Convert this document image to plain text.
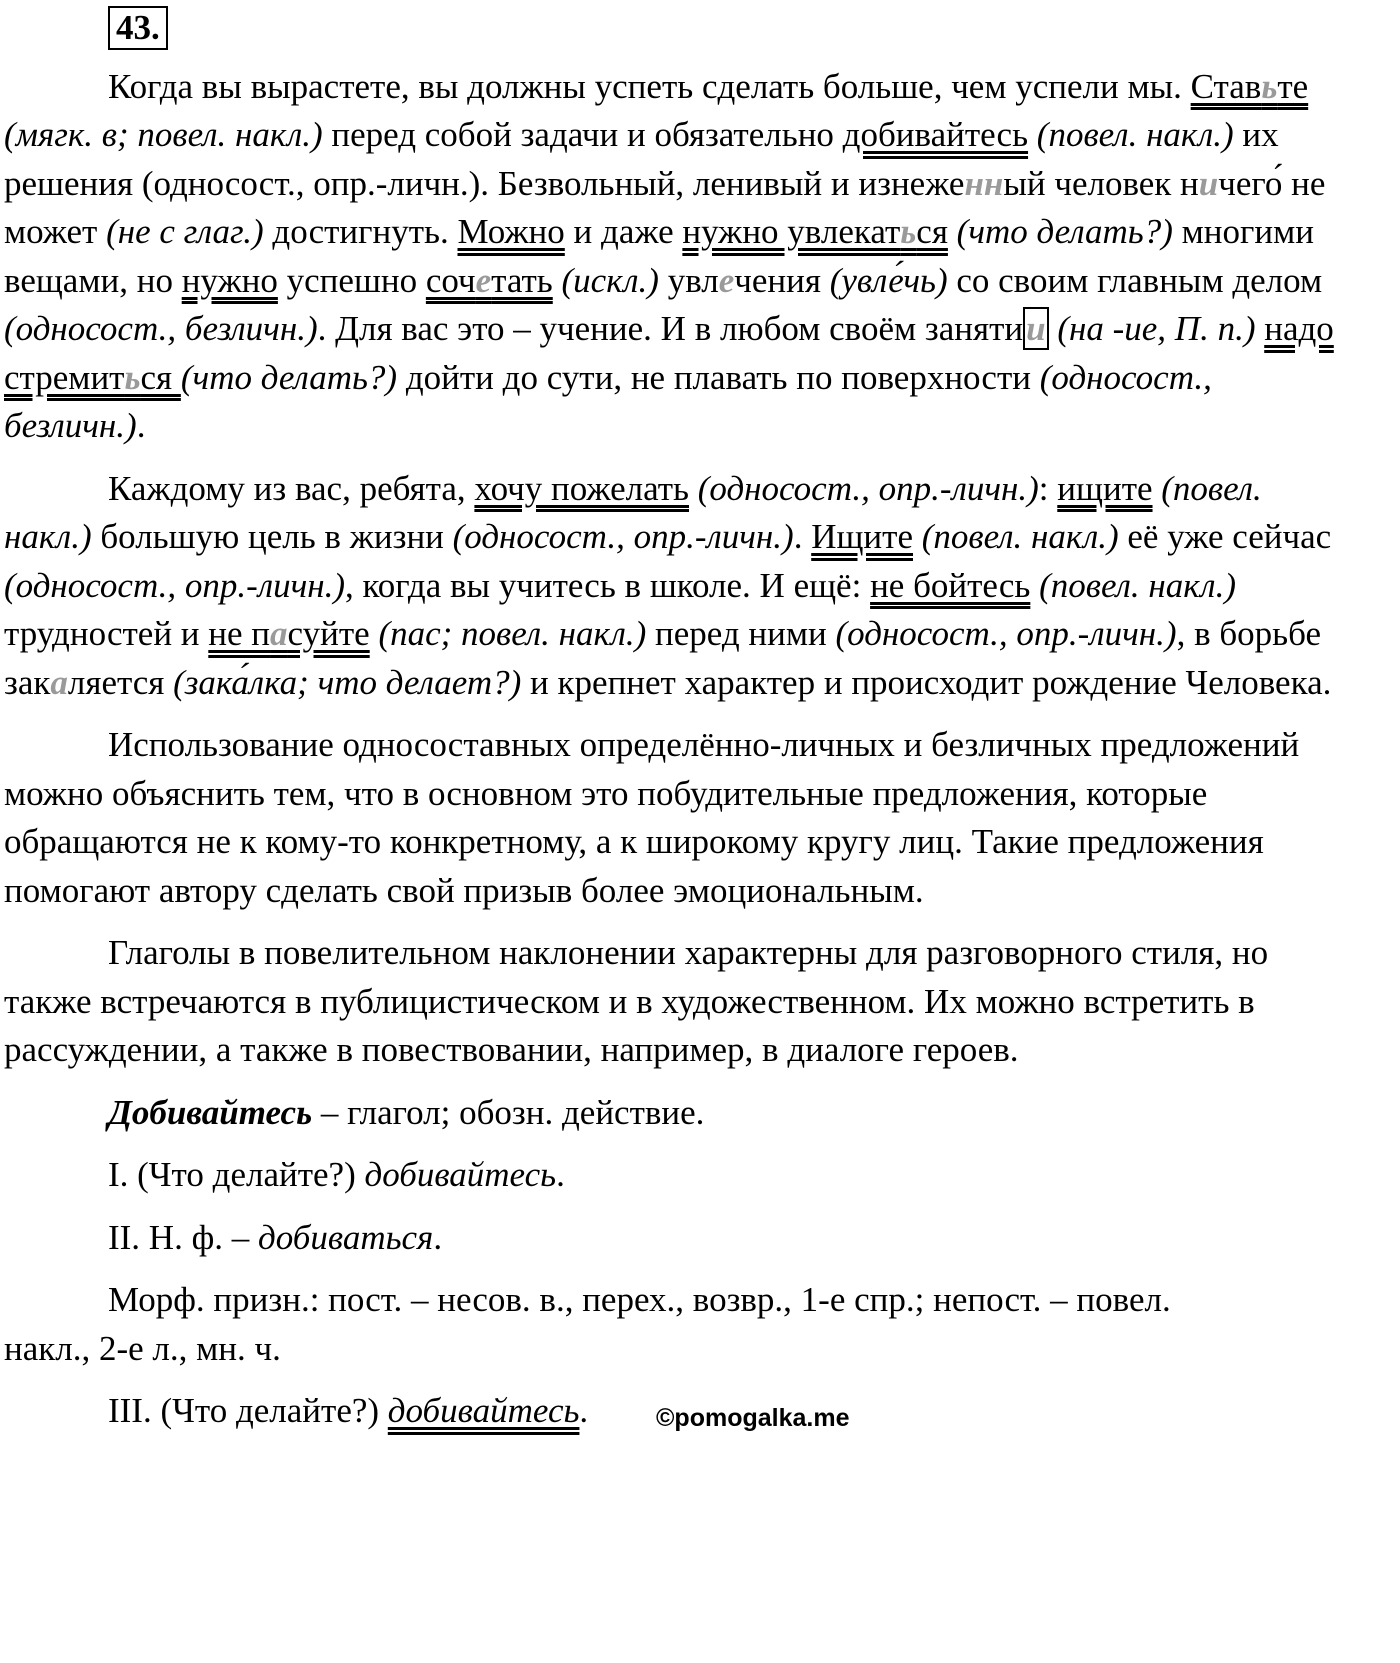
43.
Когда вы вырастете, вы должны успеть сделать больше, чем успели мы. Ставьте (мягк. в; повел. накл.) перед собой задачи и обязательно добивайтесь (повел. накл.) их решения (односост., опр.-личн.). Безвольный, ленивый и изнеженный человек ничего́ не может (не с глаг.) достигнуть. Можно и даже нужно увлекаться (что делать?) многими вещами, но нужно успешно сочетать (искл.) увлечения (увле́чь) со своим главным делом (односост., безличн.). Для вас это – учение. И в любом своём занятии (на -ие, П. п.) надо стремиться (что делать?) дойти до сути, не плавать по поверхности (односост., безличн.).
Каждому из вас, ребята, хочу пожелать (односост., опр.-личн.): ищите (повел. накл.) большую цель в жизни (односост., опр.-личн.). Ищите (повел. накл.) её уже сейчас (односост., опр.-личн.), когда вы учитесь в школе. И ещё: не бойтесь (повел. накл.) трудностей и не пасуйте (пас; повел. накл.) перед ними (односост., опр.-личн.), в борьбе закаляется (зака́лка; что делает?) и крепнет характер и происходит рождение Человека.
Использование односоставных определённо-личных и безличных предложений можно объяснить тем, что в основном это побудительные предложения, которые обращаются не к кому-то конкретному, а к широкому кругу лиц. Такие предложения помогают автору сделать свой призыв более эмоциональным.
Глаголы в повелительном наклонении характерны для разговорного стиля, но также встречаются в публицистическом и в художественном. Их можно встретить в рассуждении, а также в повествовании, например, в диалоге героев.
Добивайтесь – глагол; обозн. действие.
I. (Что делайте?) добивайтесь.
II. Н. ф. – добиваться.
Морф. призн.: пост. – несов. в., перех., возвр., 1-е спр.; непост. – повел.
накл., 2-е л., мн. ч.
III. (Что делайте?) добивайтесь.	©pomogalka.me
